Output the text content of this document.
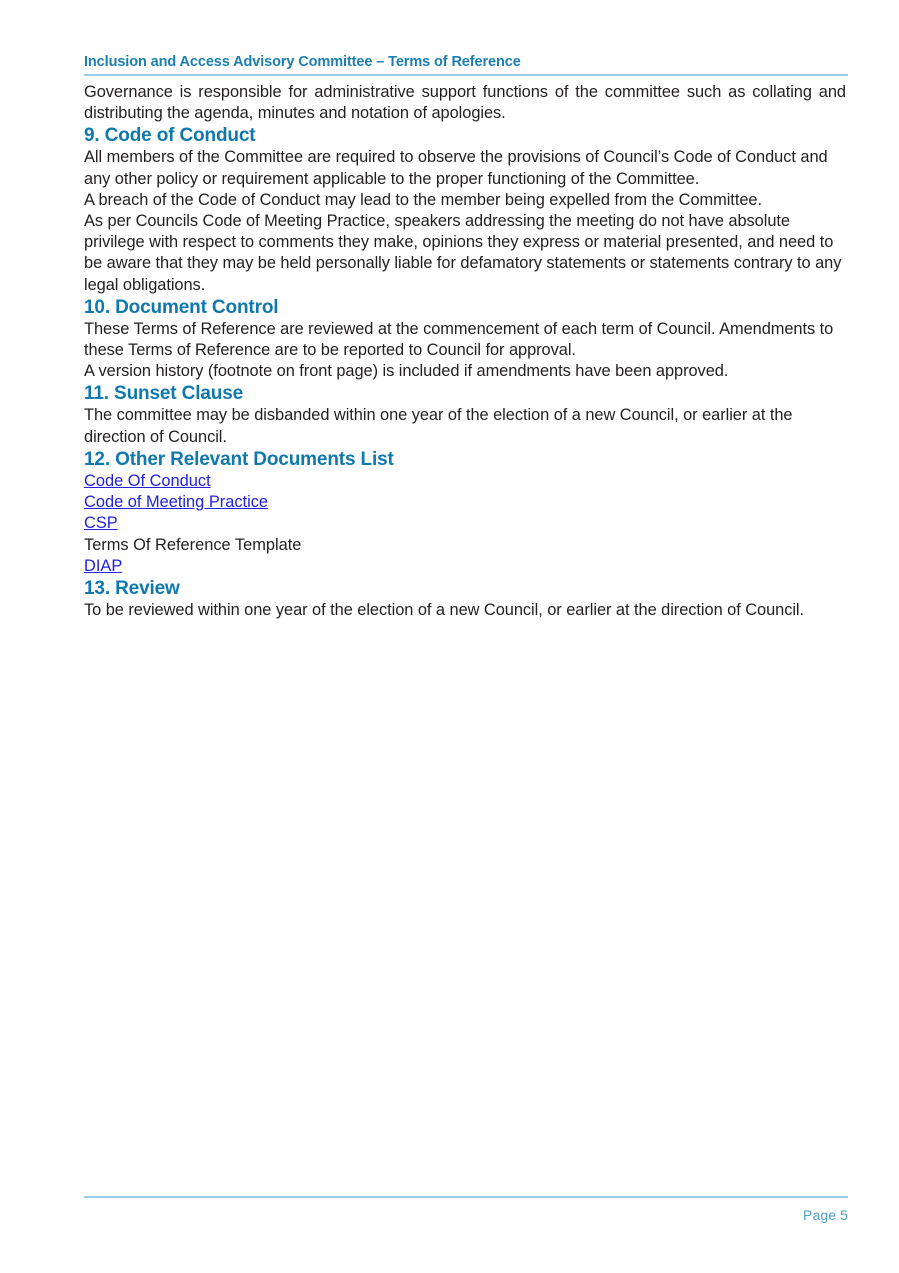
Inclusion and Access Advisory Committee – Terms of Reference

Governance is responsible for administrative support functions of the committee such as collating and distributing the agenda, minutes and notation of apologies.

9. Code of Conduct

All members of the Committee are required to observe the provisions of Council’s Code of Conduct and any other policy or requirement applicable to the proper functioning of the Committee.

A breach of the Code of Conduct may lead to the member being expelled from the Committee.

As per Councils Code of Meeting Practice, speakers addressing the meeting do not have absolute privilege with respect to comments they make, opinions they express or material presented, and need to be aware that they may be held personally liable for defamatory statements or statements contrary to any legal obligations.

10. Document Control

These Terms of Reference are reviewed at the commencement of each term of Council. Amendments to these Terms of Reference are to be reported to Council for approval.

A version history (footnote on front page) is included if amendments have been approved.

11. Sunset Clause

The committee may be disbanded within one year of the election of a new Council, or earlier at the direction of Council.

12. Other Relevant Documents List
Code Of Conduct
Code of Meeting Practice
CSP
Terms Of Reference Template
DIAP
13. Review

To be reviewed within one year of the election of a new Council, or earlier at the direction of Council.

Page 5
